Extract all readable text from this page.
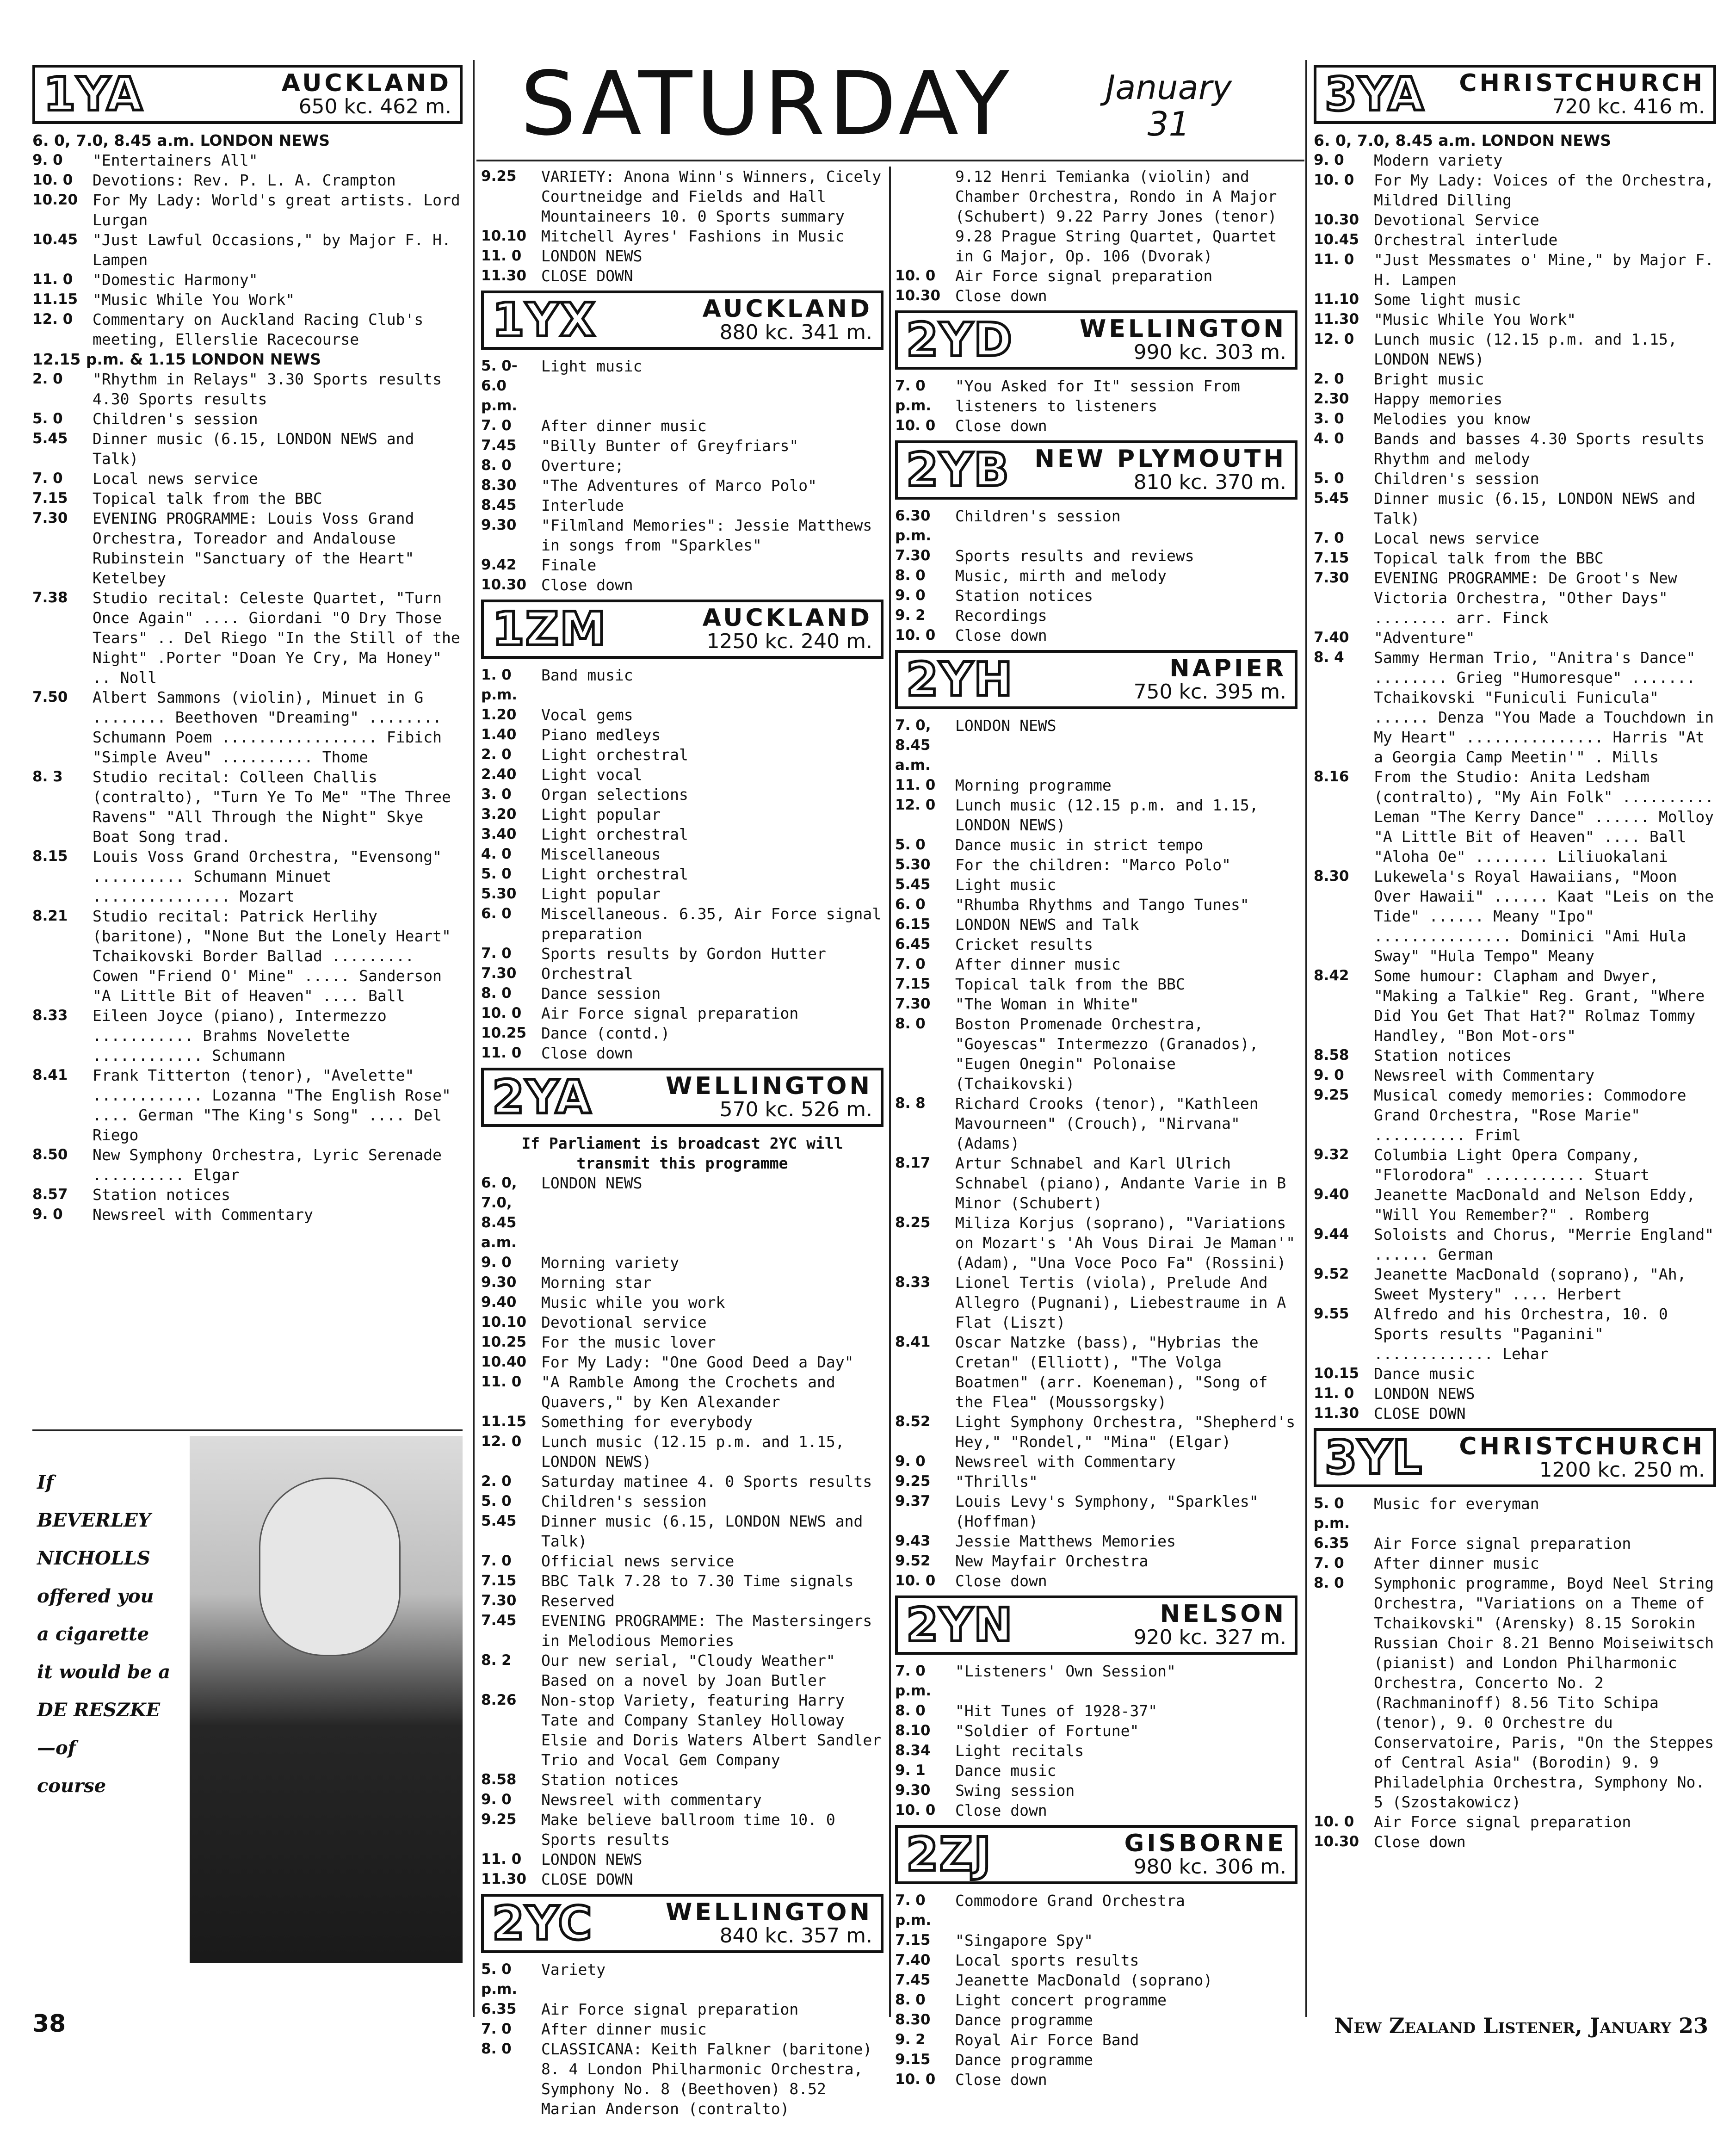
SATURDAY	January
31
1YA	AUCKLAND
650 kc. 462 m.
6. 0, 7.0, 8.45 a.m. LONDON NEWS
9. 0	"Entertainers All"
10. 0	Devotions: Rev. P. L. A. Crampton
10.20 For My Lady: World's great artists. Lord Lurgan
10.45 "Just Lawful Occasions," by Major F. H. Lampen
11. 0	"Domestic Harmony"
11.15 "Music While You Work"
12. 0	Commentary on Auckland Racing Club's meeting, Ellerslie Racecourse
12.15 p.m. & 1.15 LONDON NEWS
2. 0	"Rhythm in Relays" 3.30 Sports results 4.30 Sports results
5. 0	Children's session
5.45	Dinner music (6.15, LONDON NEWS and Talk)
7. 0	Local news service
7.15	Topical talk from the BBC
7.30	EVENING PROGRAMME: Louis Voss Grand Orchestra, Toreador and Andalouse Rubinstein "Sanctuary of the Heart" Ketelbey
7.38	Studio recital: Celeste Quartet, "Turn Once Again" .... Giordani "O Dry Those Tears" .. Del Riego "In the Still of the Night" .Porter "Doan Ye Cry, Ma Honey" .. Noll
7.50	Albert Sammons (violin), Minuet in G ........ Beethoven "Dreaming" ........ Schumann Poem ................. Fibich "Simple Aveu" .......... Thome
8. 3	Studio recital: Colleen Challis (contralto), "Turn Ye To Me" "The Three Ravens" "All Through the Night" Skye Boat Song trad.
8.15	Louis Voss Grand Orchestra, "Evensong" .......... Schumann Minuet ............... Mozart
8.21	Studio recital: Patrick Herlihy (baritone), "None But the Lonely Heart" Tchaikovski Border Ballad ......... Cowen "Friend O' Mine" ..... Sanderson "A Little Bit of Heaven" .... Ball
8.33	Eileen Joyce (piano), Intermezzo ........... Brahms Novelette ............ Schumann
8.41	Frank Titterton (tenor), "Avelette" ............ Lozanna "The English Rose" .... German "The King's Song" .... Del Riego
8.50	New Symphony Orchestra, Lyric Serenade .......... Elgar
8.57	Station notices
9. 0	Newsreel with Commentary
If
BEVERLEY
NICHOLLS
offered you
a cigarette
it would be a
DE RESZKE
—of
course
9.25	VARIETY: Anona Winn's Winners, Cicely Courtneidge and Fields and Hall Mountaineers 10. 0 Sports summary
10.10 Mitchell Ayres' Fashions in Music
11. 0	LONDON NEWS
11.30 CLOSE DOWN
1YX	AUCKLAND
880 kc. 341 m.
5. 0-6.0 p.m.
Light music
7. 0	After dinner music
7.45	"Billy Bunter of Greyfriars"
8. 0	Overture;
8.30	"The Adventures of Marco Polo"
8.45	Interlude
9.30	"Filmland Memories": Jessie Matthews in songs from "Sparkles"
9.42	Finale
10.30 Close down
1ZM	AUCKLAND
1250 kc. 240 m.
1. 0 p.m.
Band music
1.20	Vocal gems
1.40	Piano medleys
2. 0	Light orchestral
2.40	Light vocal
3. 0	Organ selections
3.20	Light popular
3.40	Light orchestral
4. 0	Miscellaneous
5. 0	Light orchestral
5.30	Light popular
6. 0	Miscellaneous. 6.35, Air Force signal preparation
7. 0	Sports results by Gordon Hutter
7.30	Orchestral
8. 0	Dance session
10. 0	Air Force signal preparation
10.25 Dance (contd.)
11. 0	Close down
2YA	WELLINGTON
570 kc. 526 m.
If Parliament is broadcast 2YC will transmit this programme
6. 0, 7.0, 8.45 a.m.
LONDON NEWS
9. 0	Morning variety
9.30	Morning star
9.40	Music while you work
10.10 Devotional service
10.25 For the music lover
10.40 For My Lady: "One Good Deed a Day"
11. 0	"A Ramble Among the Crochets and Quavers," by Ken Alexander
11.15 Something for everybody
12. 0	Lunch music (12.15 p.m. and 1.15, LONDON NEWS)
2. 0	Saturday matinee 4. 0 Sports results
5. 0	Children's session
5.45	Dinner music (6.15, LONDON NEWS and Talk)
7. 0	Official news service
7.15	BBC Talk 7.28 to 7.30 Time signals
7.30	Reserved
7.45	EVENING PROGRAMME: The Mastersingers in Melodious Memories
8. 2	Our new serial, "Cloudy Weather" Based on a novel by Joan Butler
8.26	Non-stop Variety, featuring Harry Tate and Company Stanley Holloway Elsie and Doris Waters Albert Sandler Trio and Vocal Gem Company
8.58	Station notices
9. 0	Newsreel with commentary
9.25	Make believe ballroom time 10. 0 Sports results
11. 0	LONDON NEWS
11.30 CLOSE DOWN
2YC	WELLINGTON
840 kc. 357 m.
5. 0 p.m.
Variety
6.35	Air Force signal preparation
7. 0	After dinner music
8. 0	CLASSICANA: Keith Falkner (baritone) 8. 4 London Philharmonic Orchestra, Symphony No. 8 (Beethoven) 8.52 Marian Anderson (contralto)
9.12 Henri Temianka (violin) and Chamber Orchestra, Rondo in A Major (Schubert) 9.22 Parry Jones (tenor) 9.28 Prague String Quartet, Quartet in G Major, Op. 106 (Dvorak)
10. 0	Air Force signal preparation
10.30 Close down
2YD	WELLINGTON
990 kc. 303 m.
7. 0 p.m.
"You Asked for It" session From listeners to listeners
10. 0	Close down
2YB	NEW PLYMOUTH
810 kc. 370 m.
6.30 p.m.
Children's session
7.30	Sports results and reviews
8. 0	Music, mirth and melody
9. 0	Station notices
9. 2	Recordings
10. 0	Close down
2YH	NAPIER
750 kc. 395 m.
7. 0, 8.45 a.m.
LONDON NEWS
11. 0	Morning programme
12. 0	Lunch music (12.15 p.m. and 1.15, LONDON NEWS)
5. 0	Dance music in strict tempo
5.30	For the children: "Marco Polo"
5.45	Light music
6. 0	"Rhumba Rhythms and Tango Tunes"
6.15	LONDON NEWS and Talk
6.45	Cricket results
7. 0	After dinner music
7.15	Topical talk from the BBC
7.30	"The Woman in White"
8. 0	Boston Promenade Orchestra, "Goyescas" Intermezzo (Granados), "Eugen Onegin" Polonaise (Tchaikovski)
8. 8	Richard Crooks (tenor), "Kathleen Mavourneen" (Crouch), "Nirvana" (Adams)
8.17	Artur Schnabel and Karl Ulrich Schnabel (piano), Andante Varie in B Minor (Schubert)
8.25	Miliza Korjus (soprano), "Variations on Mozart's 'Ah Vous Dirai Je Maman'" (Adam), "Una Voce Poco Fa" (Rossini)
8.33	Lionel Tertis (viola), Prelude And Allegro (Pugnani), Liebestraume in A Flat (Liszt)
8.41	Oscar Natzke (bass), "Hybrias the Cretan" (Elliott), "The Volga Boatmen" (arr. Koeneman), "Song of the Flea" (Moussorgsky)
8.52	Light Symphony Orchestra, "Shepherd's Hey," "Rondel," "Mina" (Elgar)
9. 0	Newsreel with Commentary
9.25	"Thrills"
9.37	Louis Levy's Symphony, "Sparkles" (Hoffman)
9.43	Jessie Matthews Memories
9.52	New Mayfair Orchestra
10. 0	Close down
2YN	NELSON
920 kc. 327 m.
7. 0 p.m.
"Listeners' Own Session"
8. 0	"Hit Tunes of 1928-37"
8.10	"Soldier of Fortune"
8.34	Light recitals
9. 1	Dance music
9.30	Swing session
10. 0	Close down
2ZJ	GISBORNE
980 kc. 306 m.
7. 0 p.m.
Commodore Grand Orchestra
7.15	"Singapore Spy"
7.40	Local sports results
7.45	Jeanette MacDonald (soprano)
8. 0	Light concert programme
8.30	Dance programme
9. 2	Royal Air Force Band
9.15	Dance programme
10. 0	Close down
3YA	CHRISTCHURCH
720 kc. 416 m.
6. 0, 7.0, 8.45 a.m. LONDON NEWS
9. 0	Modern variety
10. 0	For My Lady: Voices of the Orchestra, Mildred Dilling
10.30 Devotional Service
10.45 Orchestral interlude
11. 0	"Just Messmates o' Mine," by Major F. H. Lampen
11.10 Some light music
11.30 "Music While You Work"
12. 0	Lunch music (12.15 p.m. and 1.15, LONDON NEWS)
2. 0	Bright music
2.30	Happy memories
3. 0	Melodies you know
4. 0	Bands and basses 4.30 Sports results Rhythm and melody
5. 0	Children's session
5.45	Dinner music (6.15, LONDON NEWS and Talk)
7. 0	Local news service
7.15	Topical talk from the BBC
7.30	EVENING PROGRAMME: De Groot's New Victoria Orchestra, "Other Days" ........ arr. Finck
7.40	"Adventure"
8. 4	Sammy Herman Trio, "Anitra's Dance" ........ Grieg "Humoresque" ....... Tchaikovski "Funiculi Funicula" ...... Denza "You Made a Touchdown in My Heart" ............... Harris "At a Georgia Camp Meetin'" . Mills
8.16	From the Studio: Anita Ledsham (contralto), "My Ain Folk" .......... Leman "The Kerry Dance" ...... Molloy "A Little Bit of Heaven" .... Ball "Aloha Oe" ........ Liliuokalani
8.30	Lukewela's Royal Hawaiians, "Moon Over Hawaii" ...... Kaat "Leis on the Tide" ...... Meany "Ipo" ............... Dominici "Ami Hula Sway" "Hula Tempo" Meany
8.42	Some humour: Clapham and Dwyer, "Making a Talkie" Reg. Grant, "Where Did You Get That Hat?" Rolmaz Tommy Handley, "Bon Mot-ors"
8.58	Station notices
9. 0	Newsreel with Commentary
9.25	Musical comedy memories: Commodore Grand Orchestra, "Rose Marie" .......... Friml
9.32	Columbia Light Opera Company, "Florodora" ........... Stuart
9.40	Jeanette MacDonald and Nelson Eddy, "Will You Remember?" . Romberg
9.44	Soloists and Chorus, "Merrie England" ...... German
9.52	Jeanette MacDonald (soprano), "Ah, Sweet Mystery" .... Herbert
9.55	Alfredo and his Orchestra, 10. 0 Sports results "Paganini" ............. Lehar
10.15 Dance music
11. 0	LONDON NEWS
11.30 CLOSE DOWN
3YL	CHRISTCHURCH
1200 kc. 250 m.
5. 0 p.m.
Music for everyman
6.35	Air Force signal preparation
7. 0	After dinner music
8. 0	Symphonic programme, Boyd Neel String Orchestra, "Variations on a Theme of Tchaikovski" (Arensky) 8.15 Sorokin Russian Choir 8.21 Benno Moiseiwitsch (pianist) and London Philharmonic Orchestra, Concerto No. 2 (Rachmaninoff) 8.56 Tito Schipa (tenor), 9. 0 Orchestre du Conservatoire, Paris, "On the Steppes of Central Asia" (Borodin) 9. 9 Philadelphia Orchestra, Symphony No. 5 (Szostakowicz)
10. 0	Air Force signal preparation
10.30 Close down
38	New Zealand Listener, January 23
